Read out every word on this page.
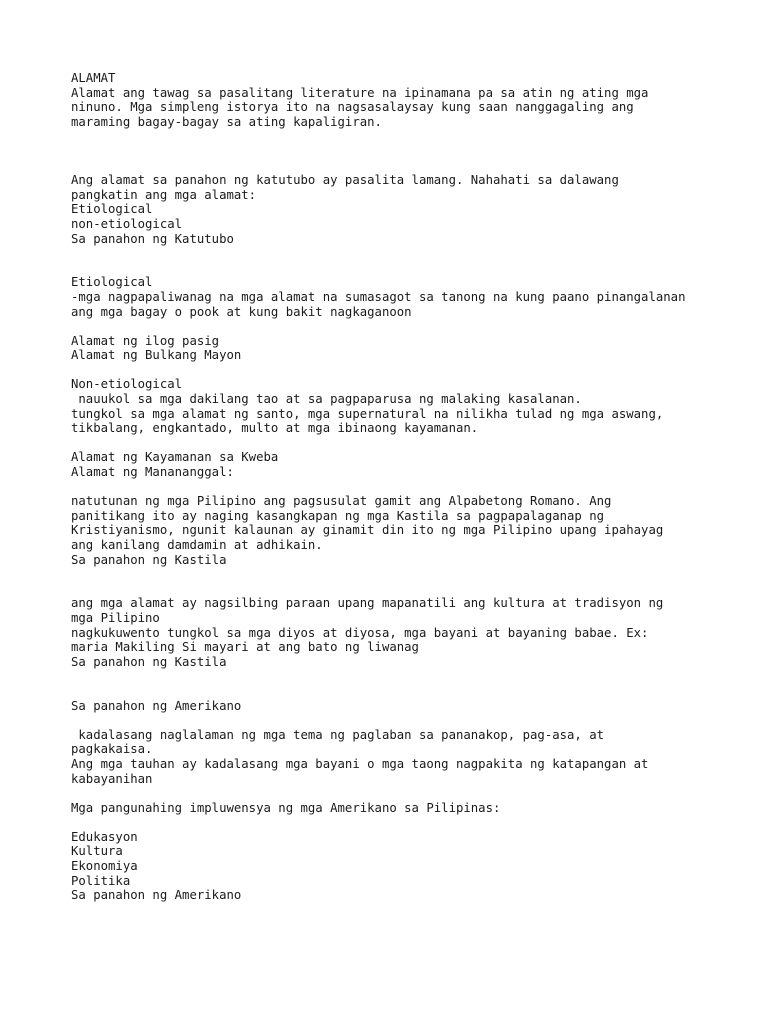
ALAMAT
Alamat ang tawag sa pasalitang literature na ipinamana pa sa atin ng ating mga
ninuno. Mga simpleng istorya ito na nagsasalaysay kung saan nanggagaling ang
maraming bagay-bagay sa ating kapaligiran.
Ang alamat sa panahon ng katutubo ay pasalita lamang. Nahahati sa dalawang
pangkatin ang mga alamat:
Etiological
non-etiological
Sa panahon ng Katutubo
Etiological
-mga nagpapaliwanag na mga alamat na sumasagot sa tanong na kung paano pinangalanan
ang mga bagay o pook at kung bakit nagkaganoon
Alamat ng ilog pasig
Alamat ng Bulkang Mayon
Non-etiological
nauukol sa mga dakilang tao at sa pagpaparusa ng malaking kasalanan.
tungkol sa mga alamat ng santo, mga supernatural na nilikha tulad ng mga aswang,
tikbalang, engkantado, multo at mga ibinaong kayamanan.
Alamat ng Kayamanan sa Kweba
Alamat ng Manananggal:
natutunan ng mga Pilipino ang pagsusulat gamit ang Alpabetong Romano. Ang
panitikang ito ay naging kasangkapan ng mga Kastila sa pagpapalaganap ng
Kristiyanismo, ngunit kalaunan ay ginamit din ito ng mga Pilipino upang ipahayag
ang kanilang damdamin at adhikain.
Sa panahon ng Kastila
ang mga alamat ay nagsilbing paraan upang mapanatili ang kultura at tradisyon ng
mga Pilipino
nagkukuwento tungkol sa mga diyos at diyosa, mga bayani at bayaning babae. Ex:
maria Makiling Si mayari at ang bato ng liwanag
Sa panahon ng Kastila
Sa panahon ng Amerikano
kadalasang naglalaman ng mga tema ng paglaban sa pananakop, pag-asa, at
pagkakaisa.
Ang mga tauhan ay kadalasang mga bayani o mga taong nagpakita ng katapangan at
kabayanihan
Mga pangunahing impluwensya ng mga Amerikano sa Pilipinas:
Edukasyon
Kultura
Ekonomiya
Politika
Sa panahon ng Amerikano
